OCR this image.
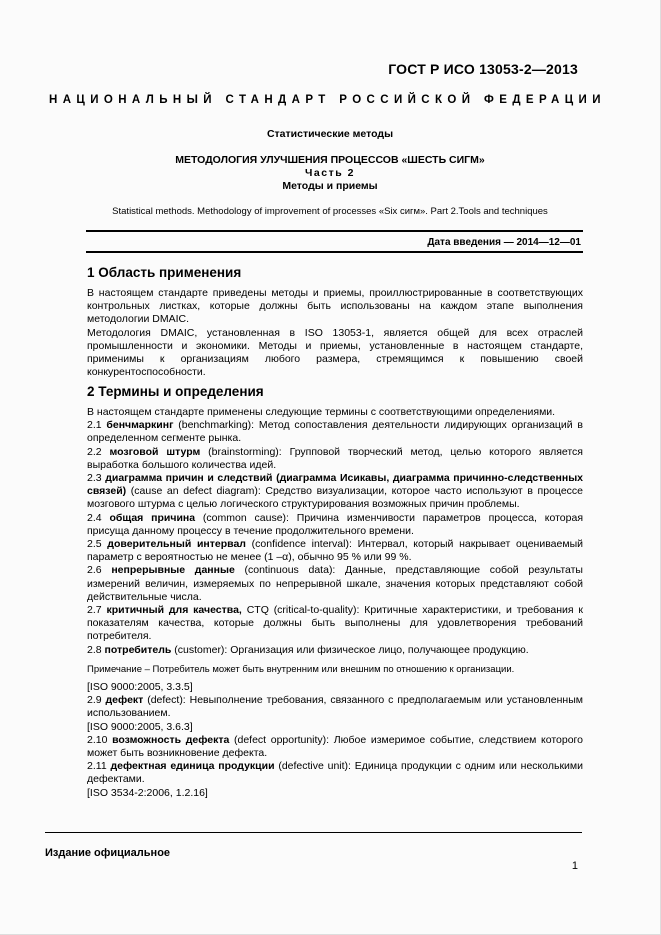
ГОСТ Р ИСО 13053-2—2013
НАЦИОНАЛЬНЫЙ СТАНДАРТ РОССИЙСКОЙ ФЕДЕРАЦИИ
Статистические методы
МЕТОДОЛОГИЯ УЛУЧШЕНИЯ ПРОЦЕССОВ «ШЕСТЬ СИГМ»
Часть 2
Методы и приемы
Statistical methods. Methodology of improvement of processes «Six сигм». Part 2.Tools and techniques
Дата введения — 2014—12—01
1 Область применения

В настоящем стандарте приведены методы и приемы, проиллюстрированные в соответствующих контрольных листках, которые должны быть использованы на каждом этапе выполнения методологии DMAIC.

Методология DMAIC, установленная в ISO 13053-1, является общей для всех отраслей промышленности и экономики. Методы и приемы, установленные в настоящем стандарте, применимы к организациям любого размера, стремящимся к повышению своей конкурентоспособности.

2 Термины и определения

В настоящем стандарте применены следующие термины с соответствующими определениями.

2.1 бенчмаркинг (benchmarking): Метод сопоставления деятельности лидирующих организаций в определенном сегменте рынка.

2.2 мозговой штурм (brainstorming): Групповой творческий метод, целью которого является выработка большого количества идей.

2.3 диаграмма причин и следствий (диаграмма Исикавы, диаграмма причинно-следственных связей) (cause an defect diagram): Средство визуализации, которое часто используют в процессе мозгового штурма с целью логического структурирования возможных причин проблемы.

2.4 общая причина (common cause): Причина изменчивости параметров процесса, которая присуща данному процессу в течение продолжительного времени.

2.5 доверительный интервал (confidence interval): Интервал, который накрывает оцениваемый параметр с вероятностью не менее (1 –α), обычно 95 % или 99 %.

2.6 непрерывные данные (continuous data): Данные, представляющие собой результаты измерений величин, измеряемых по непрерывной шкале, значения которых представляют собой действительные числа.

2.7 критичный для качества, CTQ (critical-to-quality): Критичные характеристики, и требования к показателям качества, которые должны быть выполнены для удовлетворения требований потребителя.

2.8 потребитель (customer): Организация или физическое лицо, получающее продукцию.

Примечание – Потребитель может быть внутренним или внешним по отношению к организации.

[ISO 9000:2005, 3.3.5]

2.9 дефект (defect): Невыполнение требования, связанного с предполагаемым или установленным использованием.

[ISO 9000:2005, 3.6.3]

2.10 возможность дефекта (defect opportunity): Любое измеримое событие, следствием которого может быть возникновение дефекта.

2.11 дефектная единица продукции (defective unit): Единица продукции с одним или несколькими дефектами.

[ISO 3534-2:2006, 1.2.16]

Издание официальное
1
